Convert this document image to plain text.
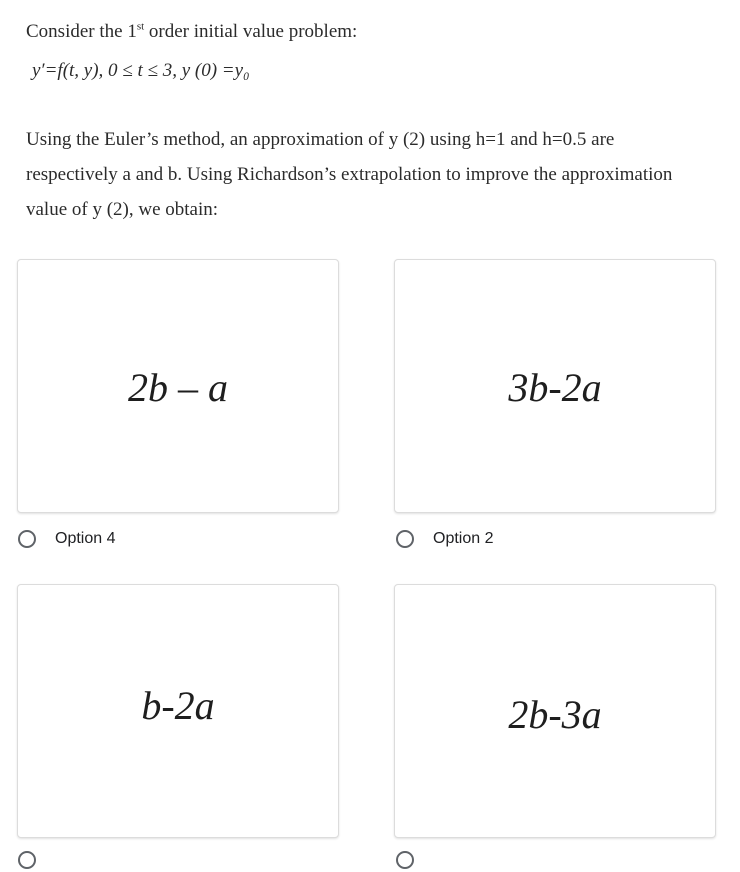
Consider the 1st order initial value problem:
y′=f(t, y), 0 ≤ t ≤ 3, y (0) =y₀
Using the Euler’s method, an approximation of y (2) using h=1 and h=0.5 are
respectively a and b. Using Richardson’s extrapolation to improve the approximation
value of y (2), we obtain:
2b – a
Option 4
3b-2a
Option 2
b-2a	2b-3a
